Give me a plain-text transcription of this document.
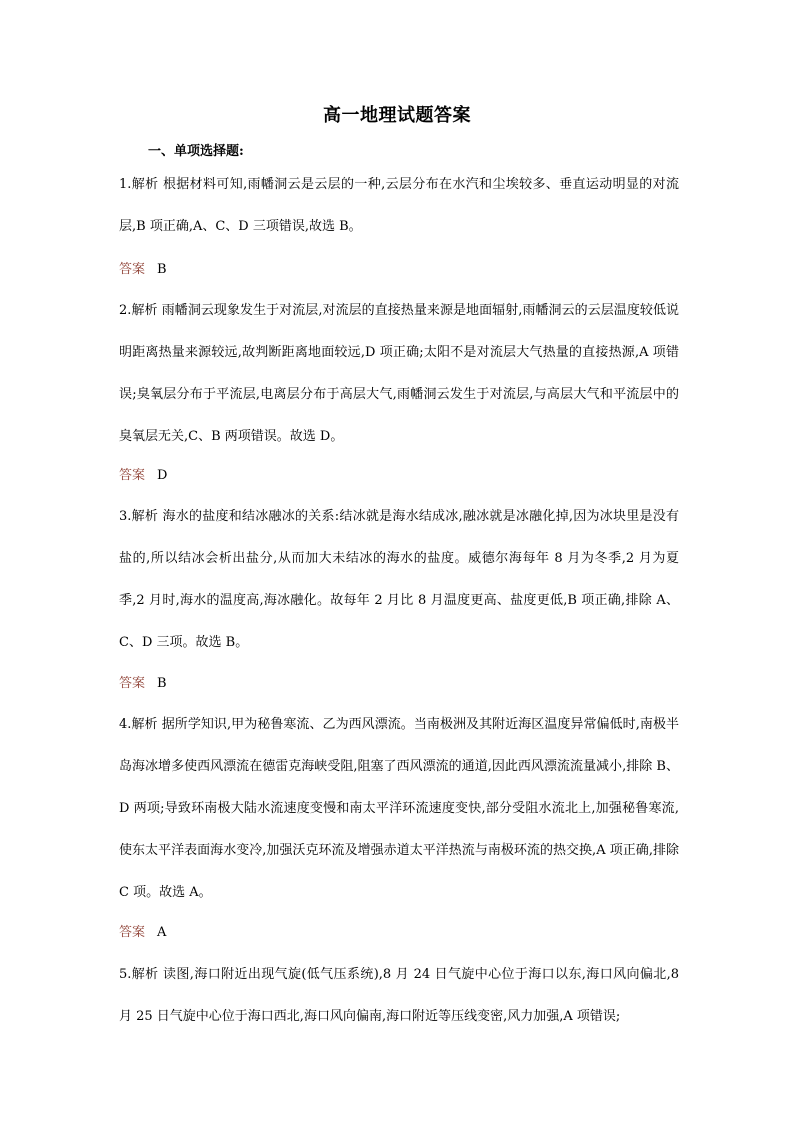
高一地理试题答案
一、单项选择题:

1.解析 根据材料可知,雨幡洞云是云层的一种,云层分布在水汽和尘埃较多、垂直运动明显的对流层,B 项正确,A、C、D 三项错误,故选 B。

答案 B

2.解析 雨幡洞云现象发生于对流层,对流层的直接热量来源是地面辐射,雨幡洞云的云层温度较低说明距离热量来源较远,故判断距离地面较远,D 项正确;太阳不是对流层大气热量的直接热源,A 项错误;臭氧层分布于平流层,电离层分布于高层大气,雨幡洞云发生于对流层,与高层大气和平流层中的臭氧层无关,C、B 两项错误。故选 D。

答案 D

3.解析 海水的盐度和结冰融冰的关系:结冰就是海水结成冰,融冰就是冰融化掉,因为冰块里是没有盐的,所以结冰会析出盐分,从而加大未结冰的海水的盐度。威德尔海每年 8 月为冬季,2 月为夏季,2 月时,海水的温度高,海冰融化。故每年 2 月比 8 月温度更高、盐度更低,B 项正确,排除 A、C、D 三项。故选 B。

答案 B

4.解析 据所学知识,甲为秘鲁寒流、乙为西风漂流。当南极洲及其附近海区温度异常偏低时,南极半岛海冰增多使西风漂流在德雷克海峡受阻,阻塞了西风漂流的通道,因此西风漂流流量减小,排除 B、D 两项;导致环南极大陆水流速度变慢和南太平洋环流速度变快,部分受阻水流北上,加强秘鲁寒流,使东太平洋表面海水变冷,加强沃克环流及增强赤道太平洋热流与南极环流的热交换,A 项正确,排除 C 项。故选 A。

答案 A

5.解析 读图,海口附近出现气旋(低气压系统),8 月 24 日气旋中心位于海口以东,海口风向偏北,8 月 25 日气旋中心位于海口西北,海口风向偏南,海口附近等压线变密,风力加强,A 项错误;
